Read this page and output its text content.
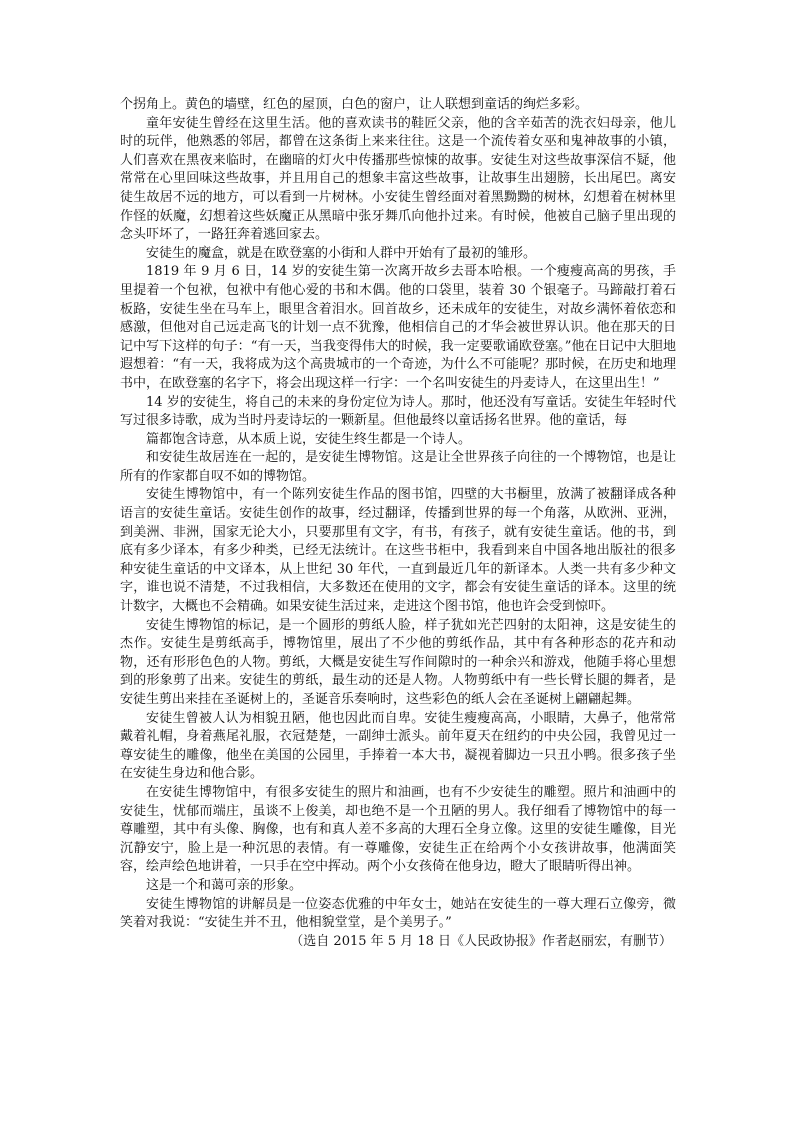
个拐角上。黄色的墙壁，红色的屋顶，白色的窗户，让人联想到童话的绚烂多彩。

童年安徒生曾经在这里生活。他的喜欢读书的鞋匠父亲，他的含辛茹苦的洗衣妇母亲，他儿时的玩伴，他熟悉的邻居，都曾在这条街上来来往往。这是一个流传着女巫和鬼神故事的小镇，人们喜欢在黑夜来临时，在幽暗的灯火中传播那些惊悚的故事。安徒生对这些故事深信不疑，他常常在心里回味这些故事，并且用自己的想象丰富这些故事，让故事生出翅膀，长出尾巴。离安徒生故居不远的地方，可以看到一片树林。小安徒生曾经面对着黑黝黝的树林，幻想着在树林里作怪的妖魔，幻想着这些妖魔正从黑暗中张牙舞爪向他扑过来。有时候，他被自己脑子里出现的念头吓坏了，一路狂奔着逃回家去。

安徒生的魔盒，就是在欧登塞的小街和人群中开始有了最初的雏形。

1819 年 9 月 6 日，14 岁的安徒生第一次离开故乡去哥本哈根。一个瘦瘦高高的男孩，手里提着一个包袱，包袱中有他心爱的书和木偶。他的口袋里，装着 30 个银毫子。马蹄敲打着石板路，安徒生坐在马车上，眼里含着泪水。回首故乡，还未成年的安徒生，对故乡满怀着依恋和感激，但他对自己远走高飞的计划一点不犹豫，他相信自己的才华会被世界认识。他在那天的日记中写下这样的句子：“有一天，当我变得伟大的时候，我一定要歌诵欧登塞。”他在日记中大胆地遐想着：“有一天，我将成为这个高贵城市的一个奇迹，为什么不可能呢？那时候，在历史和地理书中，在欧登塞的名字下，将会出现这样一行字：一个名叫安徒生的丹麦诗人，在这里出生！”

14 岁的安徒生，将自己的未来的身份定位为诗人。那时，他还没有写童话。安徒生年轻时代写过很多诗歌，成为当时丹麦诗坛的一颗新星。但他最终以童话扬名世界。他的童话，每

篇都饱含诗意，从本质上说，安徒生终生都是一个诗人。

和安徒生故居连在一起的，是安徒生博物馆。这是让全世界孩子向往的一个博物馆，也是让所有的作家都自叹不如的博物馆。

安徒生博物馆中，有一个陈列安徒生作品的图书馆，四壁的大书橱里，放满了被翻译成各种语言的安徒生童话。安徒生创作的故事，经过翻译，传播到世界的每一个角落，从欧洲、亚洲，到美洲、非洲，国家无论大小，只要那里有文字，有书，有孩子，就有安徒生童话。他的书，到底有多少译本，有多少种类，已经无法统计。在这些书柜中，我看到来自中国各地出版社的很多种安徒生童话的中文译本，从上世纪 30 年代，一直到最近几年的新译本。人类一共有多少种文字，谁也说不清楚，不过我相信，大多数还在使用的文字，都会有安徒生童话的译本。这里的统计数字，大概也不会精确。如果安徒生活过来，走进这个图书馆，他也许会受到惊吓。

安徒生博物馆的标记，是一个圆形的剪纸人脸，样子犹如光芒四射的太阳神，这是安徒生的杰作。安徒生是剪纸高手，博物馆里，展出了不少他的剪纸作品，其中有各种形态的花卉和动物，还有形形色色的人物。剪纸，大概是安徒生写作间隙时的一种余兴和游戏，他随手将心里想到的形象剪了出来。安徒生的剪纸，最生动的还是人物。人物剪纸中有一些长臂长腿的舞者，是安徒生剪出来挂在圣诞树上的，圣诞音乐奏响时，这些彩色的纸人会在圣诞树上翩翩起舞。

安徒生曾被人认为相貌丑陋，他也因此而自卑。安徒生瘦瘦高高，小眼睛，大鼻子，他常常戴着礼帽，身着燕尾礼服，衣冠楚楚，一副绅士派头。前年夏天在纽约的中央公园，我曾见过一尊安徒生的雕像，他坐在美国的公园里，手捧着一本大书，凝视着脚边一只丑小鸭。很多孩子坐在安徒生身边和他合影。

在安徒生博物馆中，有很多安徒生的照片和油画，也有不少安徒生的雕塑。照片和油画中的安徒生，忧郁而端庄，虽谈不上俊美，却也绝不是一个丑陋的男人。我仔细看了博物馆中的每一尊雕塑，其中有头像、胸像，也有和真人差不多高的大理石全身立像。这里的安徒生雕像，目光沉静安宁，脸上是一种沉思的表情。有一尊雕像，安徒生正在给两个小女孩讲故事，他满面笑容，绘声绘色地讲着，一只手在空中挥动。两个小女孩倚在他身边，瞪大了眼睛听得出神。

这是一个和蔼可亲的形象。

安徒生博物馆的讲解员是一位姿态优雅的中年女士，她站在安徒生的一尊大理石立像旁，微笑着对我说：“安徒生并不丑，他相貌堂堂，是个美男子。”

（选自 2015 年 5 月 18 日《人民政协报》作者赵丽宏，有删节）
